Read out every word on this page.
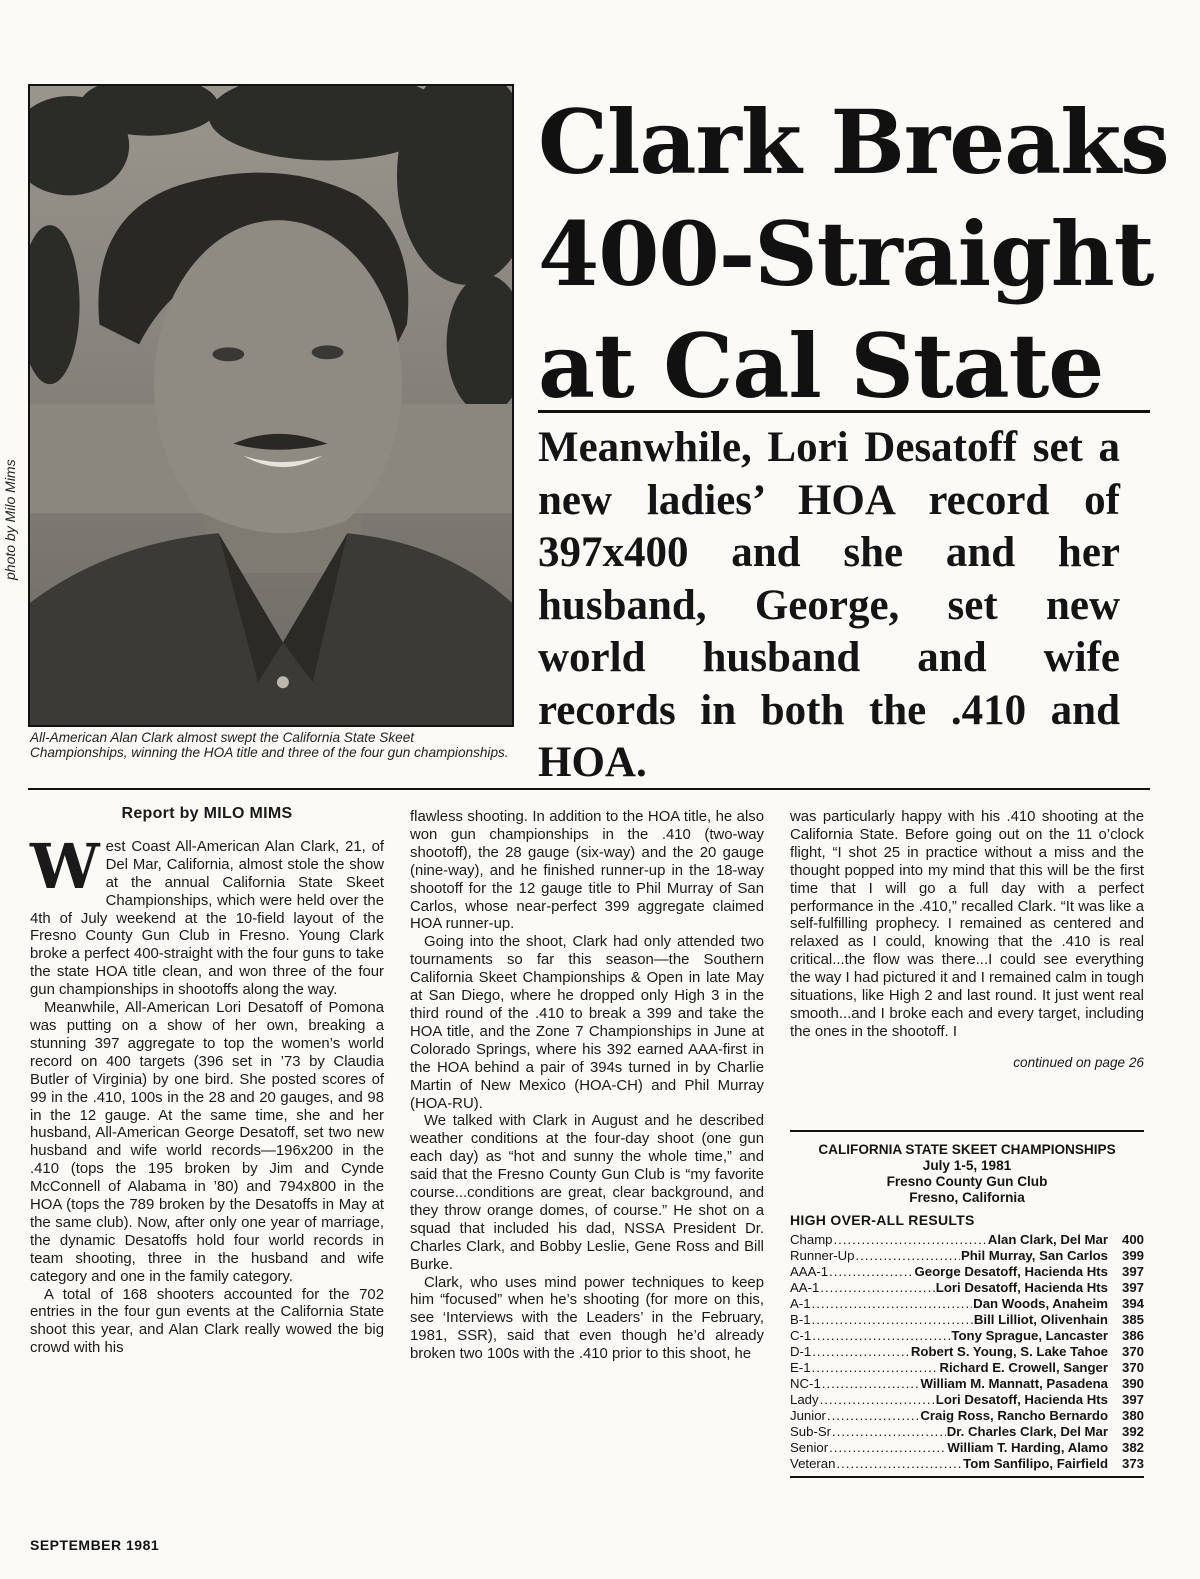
photo by Milo Mims
All-American Alan Clark almost swept the California State Skeet Championships, winning the HOA title and three of the four gun championships.
Clark Breaks
400-Straight
at Cal State
Meanwhile, Lori Desatoff set a new ladies’ HOA record of 397x400 and she and her husband, George, set new world husband and wife records in both the .410 and HOA.
Report by MILO MIMS

West Coast All-American Alan Clark, 21, of Del Mar, California, almost stole the show at the annual California State Skeet Championships, which were held over the 4th of July weekend at the 10-field layout of the Fresno County Gun Club in Fresno. Young Clark broke a perfect 400-straight with the four guns to take the state HOA title clean, and won three of the four gun championships in shootoffs along the way.

Meanwhile, All-American Lori Desatoff of Pomona was putting on a show of her own, breaking a stunning 397 aggregate to top the women’s world record on 400 targets (396 set in ’73 by Claudia Butler of Virginia) by one bird. She posted scores of 99 in the .410, 100s in the 28 and 20 gauges, and 98 in the 12 gauge. At the same time, she and her husband, All-American George Desatoff, set two new husband and wife world records—196x200 in the .410 (tops the 195 broken by Jim and Cynde McConnell of Alabama in ’80) and 794x800 in the HOA (tops the 789 broken by the Desatoffs in May at the same club). Now, after only one year of marriage, the dynamic Desatoffs hold four world records in team shooting, three in the husband and wife category and one in the family category.

A total of 168 shooters accounted for the 702 entries in the four gun events at the California State shoot this year, and Alan Clark really wowed the big crowd with his

flawless shooting. In addition to the HOA title, he also won gun championships in the .410 (two-way shootoff), the 28 gauge (six-way) and the 20 gauge (nine-way), and he finished runner-up in the 18-way shootoff for the 12 gauge title to Phil Murray of San Carlos, whose near-perfect 399 aggregate claimed HOA runner-up.

Going into the shoot, Clark had only attended two tournaments so far this season—the Southern California Skeet Championships & Open in late May at San Diego, where he dropped only High 3 in the third round of the .410 to break a 399 and take the HOA title, and the Zone 7 Championships in June at Colorado Springs, where his 392 earned AAA-first in the HOA behind a pair of 394s turned in by Charlie Martin of New Mexico (HOA-CH) and Phil Murray (HOA-RU).

We talked with Clark in August and he described weather conditions at the four-day shoot (one gun each day) as “hot and sunny the whole time,” and said that the Fresno County Gun Club is “my favorite course...conditions are great, clear background, and they throw orange domes, of course.” He shot on a squad that included his dad, NSSA President Dr. Charles Clark, and Bobby Leslie, Gene Ross and Bill Burke.

Clark, who uses mind power techniques to keep him “focused” when he’s shooting (for more on this, see ‘Interviews with the Leaders’ in the February, 1981, SSR), said that even though he’d already broken two 100s with the .410 prior to this shoot, he

was particularly happy with his .410 shooting at the California State. Before going out on the 11 o’clock flight, “I shot 25 in practice without a miss and the thought popped into my mind that this will be the first time that I will go a full day with a perfect performance in the .410,” recalled Clark. “It was like a self-fulfilling prophecy. I remained as centered and relaxed as I could, knowing that the .410 is real critical...the flow was there...I could see everything the way I had pictured it and I remained calm in tough situations, like High 2 and last round. It just went real smooth...and I broke each and every target, including the ones in the shootoff. I

continued on page 26
CALIFORNIA STATE SKEET CHAMPIONSHIPS
July 1-5, 1981
Fresno County Gun Club
Fresno, California
HIGH OVER-ALL RESULTS
Champ .....	Alan Clark, Del Mar	400
Runner-Up .....	Phil Murray, San Carlos	399
AAA-1 .....	George Desatoff, Hacienda Hts	397
AA-1 .....	Lori Desatoff, Hacienda Hts	397
A-1 .....	Dan Woods, Anaheim	394
B-1 .....	Bill Lilliot, Olivenhain	385
C-1 .....	Tony Sprague, Lancaster	386
D-1 .....	Robert S. Young, S. Lake Tahoe	370
E-1 .....	Richard E. Crowell, Sanger	370
NC-1 .....	William M. Mannatt, Pasadena	390
Lady .....	Lori Desatoff, Hacienda Hts	397
Junior .....	Craig Ross, Rancho Bernardo	380
Sub-Sr .....	Dr. Charles Clark, Del Mar	392
Senior .....	William T. Harding, Alamo	382
Veteran .....	Tom Sanfilipo, Fairfield	373
SEPTEMBER 1981
